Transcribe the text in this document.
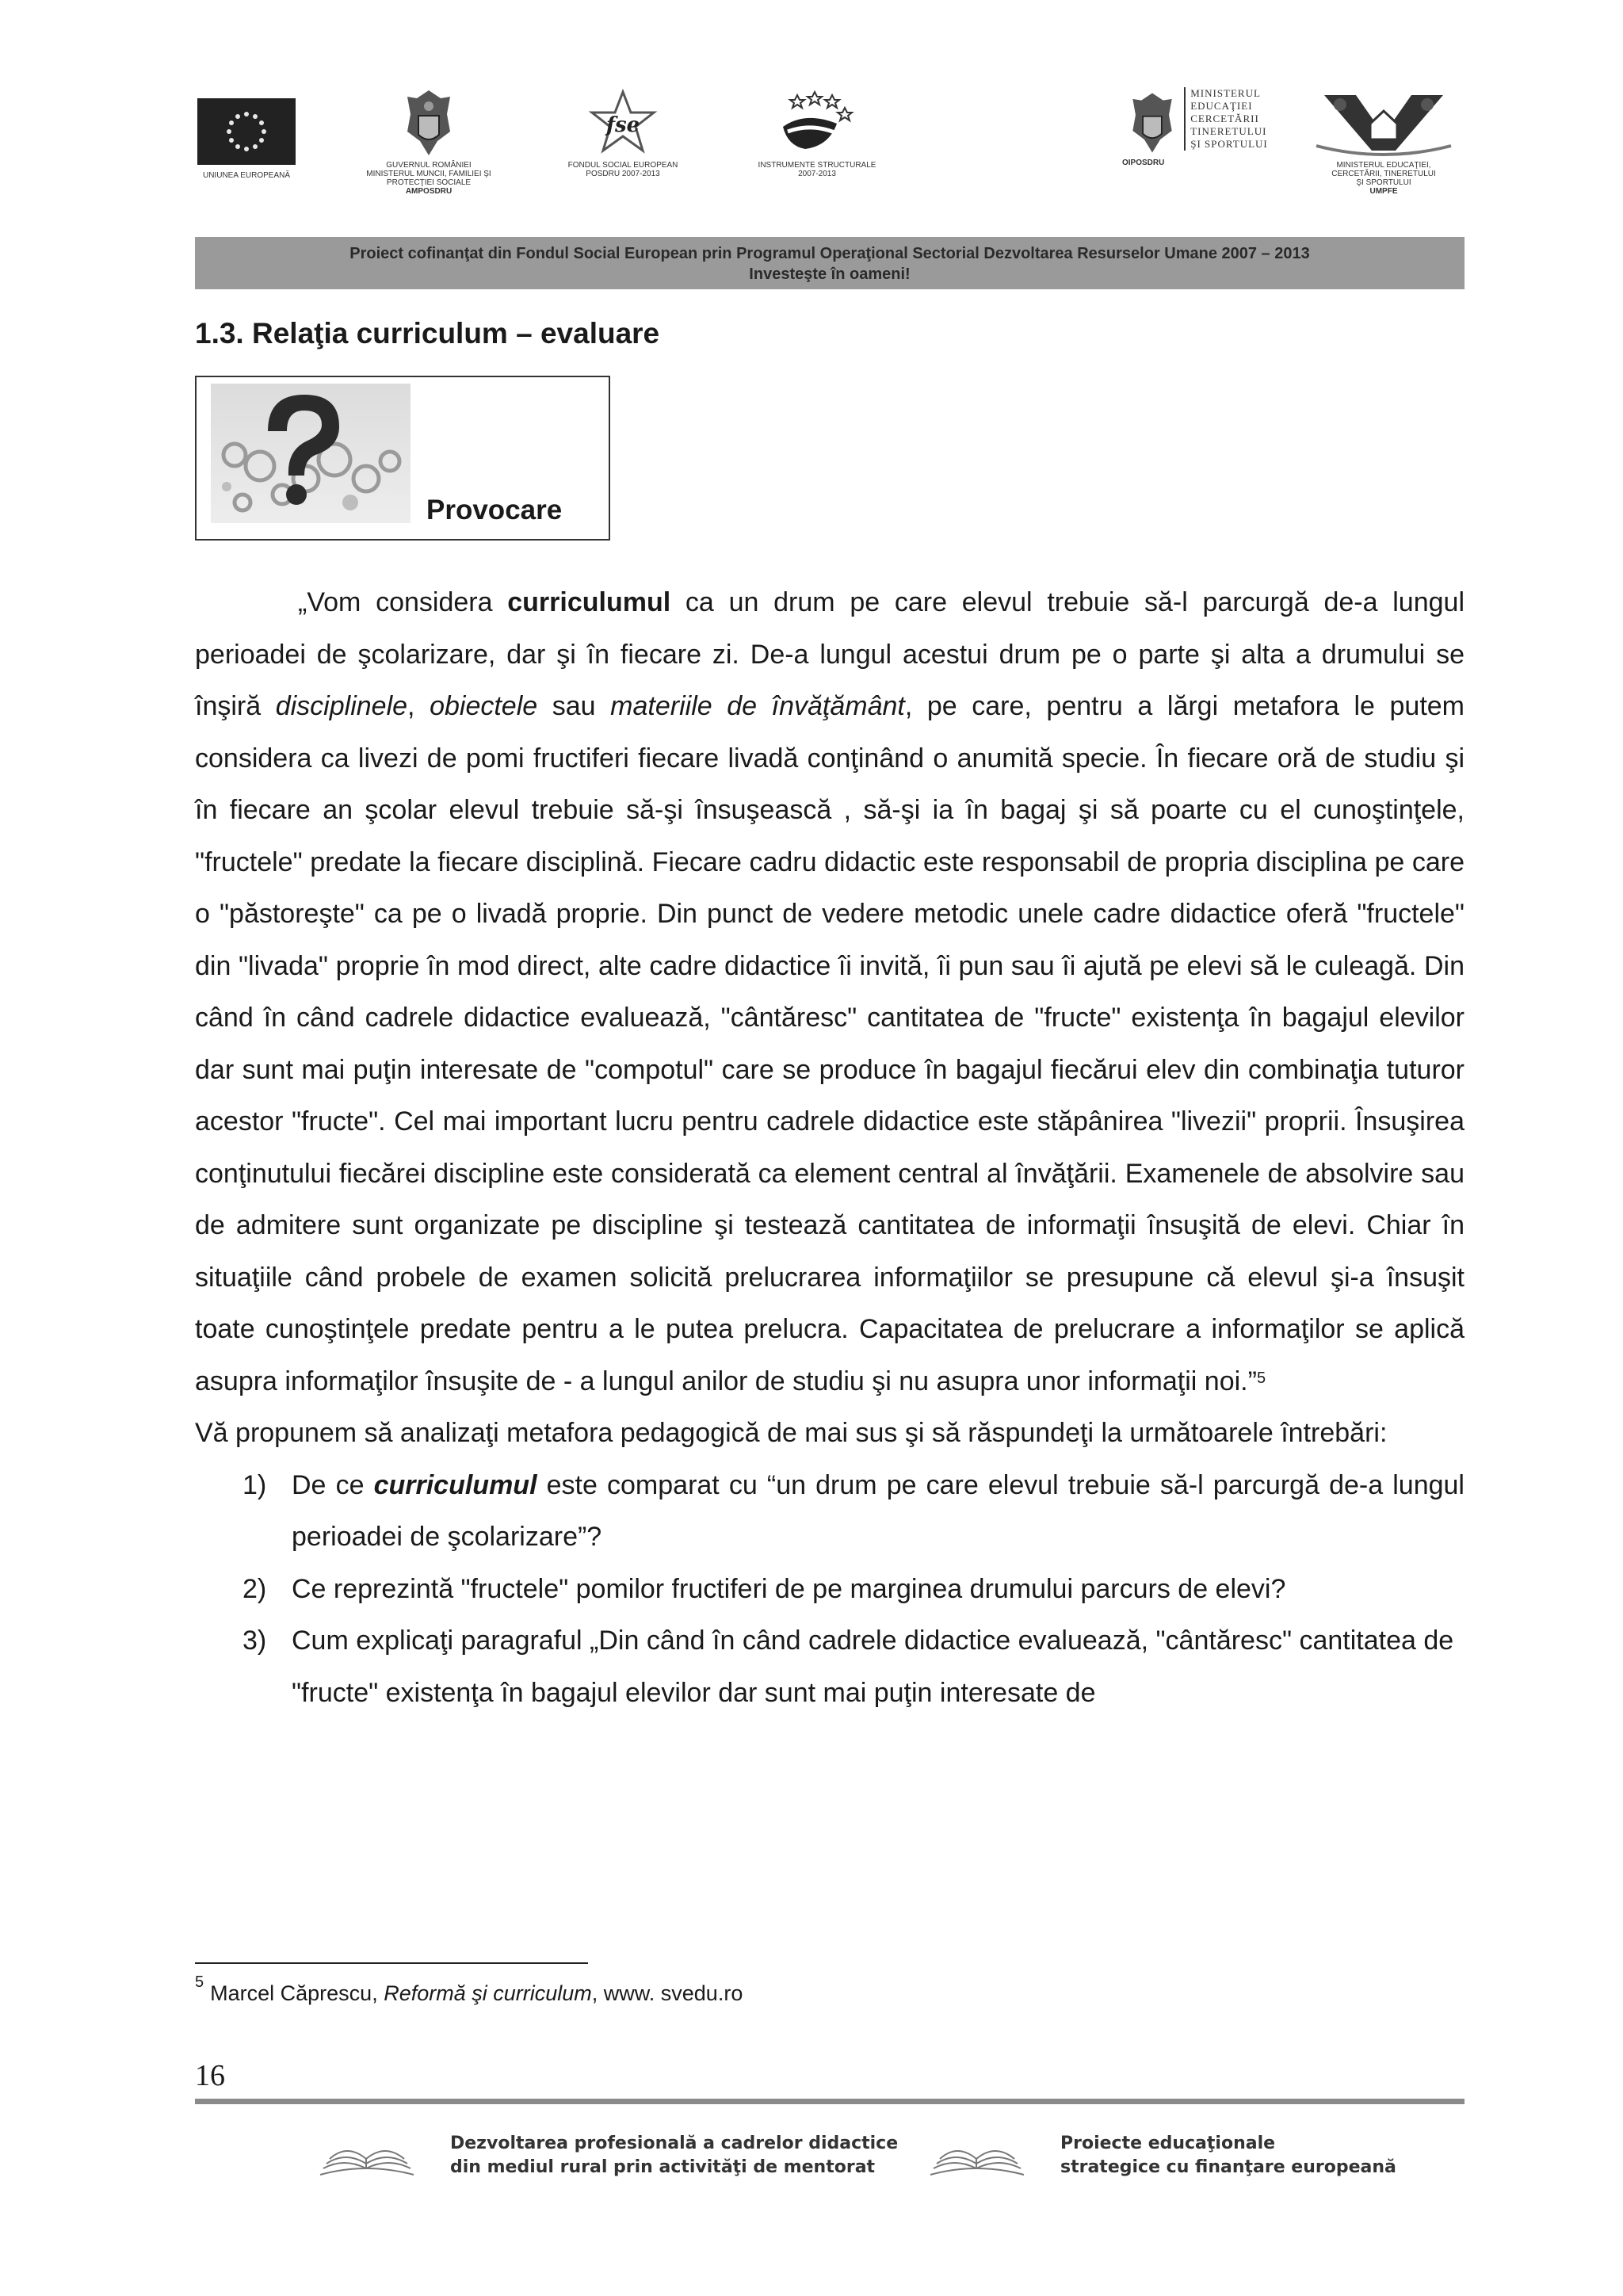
UNIUNEA EUROPEANĂ
GUVERNUL ROMÂNIEI
MINISTERUL MUNCII, FAMILIEI ŞI
PROTECŢIEI SOCIALE
AMPOSDRU
fse
FONDUL SOCIAL EUROPEAN
POSDRU 2007-2013
INSTRUMENTE STRUCTURALE
2007-2013
MINISTERUL
EDUCAŢIEI
CERCETĂRII
TINERETULUI
ŞI SPORTULUI
OIPOSDRU	MINISTERUL EDUCAŢIEI,
CERCETĂRII, TINERETULUI
ŞI SPORTULUI
UMPFE
Proiect cofinanţat din Fondul Social European prin Programul Operaţional Sectorial Dezvoltarea Resurselor Umane 2007 – 2013
Investeşte în oameni!
1.3. Relaţia curriculum – evaluare
Provocare

„Vom considera curriculumul ca un drum pe care elevul trebuie să-l parcurgă de-a lungul perioadei de şcolarizare, dar şi în fiecare zi. De-a lungul acestui drum pe o parte şi alta a drumului se înşiră disciplinele, obiectele sau materiile de învăţământ, pe care, pentru a lărgi metafora le putem considera ca livezi de pomi fructiferi fiecare livadă conţinând o anumită specie. În fiecare oră de studiu şi în fiecare an şcolar elevul trebuie să-şi însuşească , să-şi ia în bagaj şi să poarte cu el cunoştinţele, "fructele" predate la fiecare disciplină. Fiecare cadru didactic este responsabil de propria disciplina pe care o "păstoreşte" ca pe o livadă proprie. Din punct de vedere metodic unele cadre didactice oferă "fructele" din "livada" proprie în mod direct, alte cadre didactice îi invită, îi pun sau îi ajută pe elevi să le culeagă. Din când în când cadrele didactice evaluează, "cântăresc" cantitatea de "fructe" existenţa în bagajul elevilor dar sunt mai puţin interesate de "compotul" care se produce în bagajul fiecărui elev din combinaţia tuturor acestor "fructe". Cel mai important lucru pentru cadrele didactice este stăpânirea "livezii" proprii. Însuşirea conţinutului fiecărei discipline este considerată ca element central al învăţării. Examenele de absolvire sau de admitere sunt organizate pe discipline şi testează cantitatea de informaţii însuşită de elevi. Chiar în situaţiile când probele de examen solicită prelucrarea informaţiilor se presupune că elevul şi-a însuşit toate cunoştinţele predate pentru a le putea prelucra. Capacitatea de prelucrare a informaţilor se aplică asupra informaţilor însuşite de - a lungul anilor de studiu şi nu asupra unor informaţii noi.”$^5$

Vă propunem să analizaţi metafora pedagogică de mai sus şi să răspundeţi la următoarele întrebări:

1) De ce curriculumul este comparat cu “un drum pe care elevul trebuie să-l parcurgă de-a lungul perioadei de şcolarizare”?
2) Ce reprezintă "fructele" pomilor fructiferi de pe marginea drumului parcurs de elevi?
3) Cum explicaţi paragraful „Din când în când cadrele didactice evaluează, "cântăresc" cantitatea de "fructe" existenţa în bagajul elevilor dar sunt mai puţin interesate de
$^5$ Marcel Căprescu, Reformă şi curriculum, www. svedu.ro
16
Dezvoltarea profesională a cadrelor didactice
din mediul rural prin activităţi de mentorat
Proiecte educaţionale
strategice cu finanţare europeană
